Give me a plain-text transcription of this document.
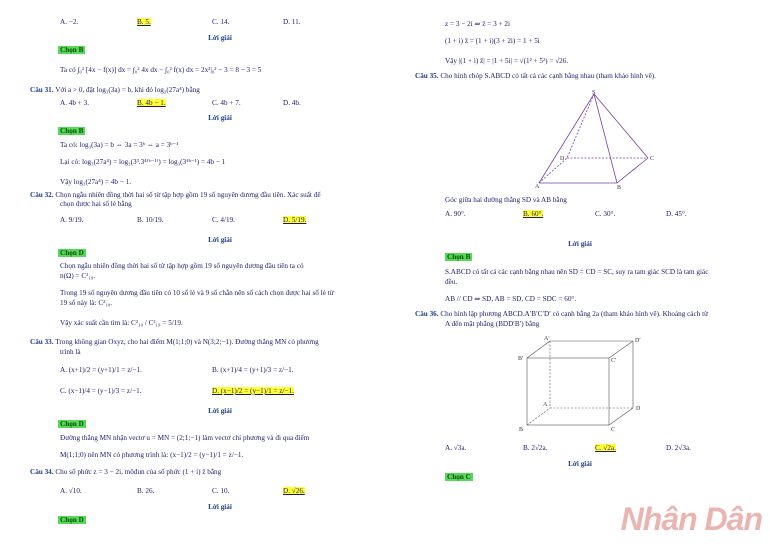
A. −2.	B. 5.	C. 14.	D. 11.
Lời giải
Chọn B
Ta có ∫₀² [4x − f(x)] dx = ∫₀² 4x dx − ∫₀² f(x) dx = 2x²|₀² − 3 = 8 − 3 = 5
Câu 31. Với a > 0, đặt log₃(3a) = b, khi đó log₃(27a⁴) bằng
A. 4b + 3.	B. 4b − 1.	C. 4b + 7.	D. 4b.
Lời giải
Chọn B
Ta có: log₃(3a) = b ⇔ 3a = 3ᵇ ⇔ a = 3ᵇ⁻¹
Lại có: log₃(27a⁴) = log₃(3³.3⁴⁽ᵇ⁻¹⁾) = log₃(3⁴ᵇ⁻¹) = 4b − 1
Vậy log₃(27a⁴) = 4b − 1.
Câu 32. Chọn ngẫu nhiên đồng thời hai số từ tập hợp gồm 19 số nguyên dương đầu tiên. Xác suất để
chọn được hai số lẻ bằng
A. 9/19.	B. 10/19.	C. 4/19.	D. 5/19.
Lời giải
Chọn D
Chọn ngẫu nhiên đồng thời hai số từ tập hợp gồm 19 số nguyên dương đầu tiên ta có
n(Ω) = C²₁₉.
Trong 19 số nguyên dương đầu tiên có 10 số lẻ và 9 số chẵn nên số cách chọn được hai số lẻ từ
19 số này là: C²₁₀.
Vậy xác suất cần tìm là: C²₁₀ / C²₁₉ = 5/19.
Câu 33. Trong không gian Oxyz, cho hai điểm M(1;1;0) và N(3;2;−1). Đường thẳng MN có phương
trình là
A. (x+1)/2 = (y+1)/1 = z/−1.	B. (x+1)/4 = (y+1)/3 = z/−1.
C. (x−1)/4 = (y−1)/3 = z/−1.	D. (x−1)/2 = (y−1)/1 = z/−1.
Lời giải
Chọn D
Đường thẳng MN nhận vectơ u = MN = (2;1;−1) làm vectơ chỉ phương và đi qua điểm
M(1;1;0) nên MN có phương trình là: (x−1)/2 = (y−1)/1 = z/−1.
Câu 34. Cho số phức z = 3 − 2i, môđun của số phức (1 + i) z̄ bằng
A. √10.	B. 26.	C. 10.	D. √26.
Lời giải
Chọn D
z = 3 − 2i ⇒ z̄ = 3 + 2i
(1 + i) z̄ = (1 + i)(3 + 2i) = 1 + 5i
Vậy |(1 + i) z̄| = |1 + 5i| = √(1² + 5²) = √26.
Câu 35. Cho hình chóp S.ABCD có tất cả các cạnh bằng nhau (tham khảo hình vẽ).
S
A	B
C
D
Góc giữa hai đường thẳng SD và AB bằng
A. 90°.	B. 60°.	C. 30°.	D. 45°.
Lời giải
Chọn B
S.ABCD có tất cả các cạnh bằng nhau nên SD = CD = SC, suy ra tam giác SCD là tam giác
đều.
AB // CD ⇒ SD, AB = SD, CD = SDC = 60°.
Câu 36. Cho hình lập phương ABCD.A′B′C′D′ có cạnh bằng 2a (tham khảo hình vẽ). Khoảng cách từ
A đến mặt phẳng (BDD′B′) bằng
A′	D′
B′	C′
A
D
B	C
A. √3a.	B. 2√2a.	C. √2a.	D. 2√3a.
Lời giải
Chọn C
Nhân Dân
